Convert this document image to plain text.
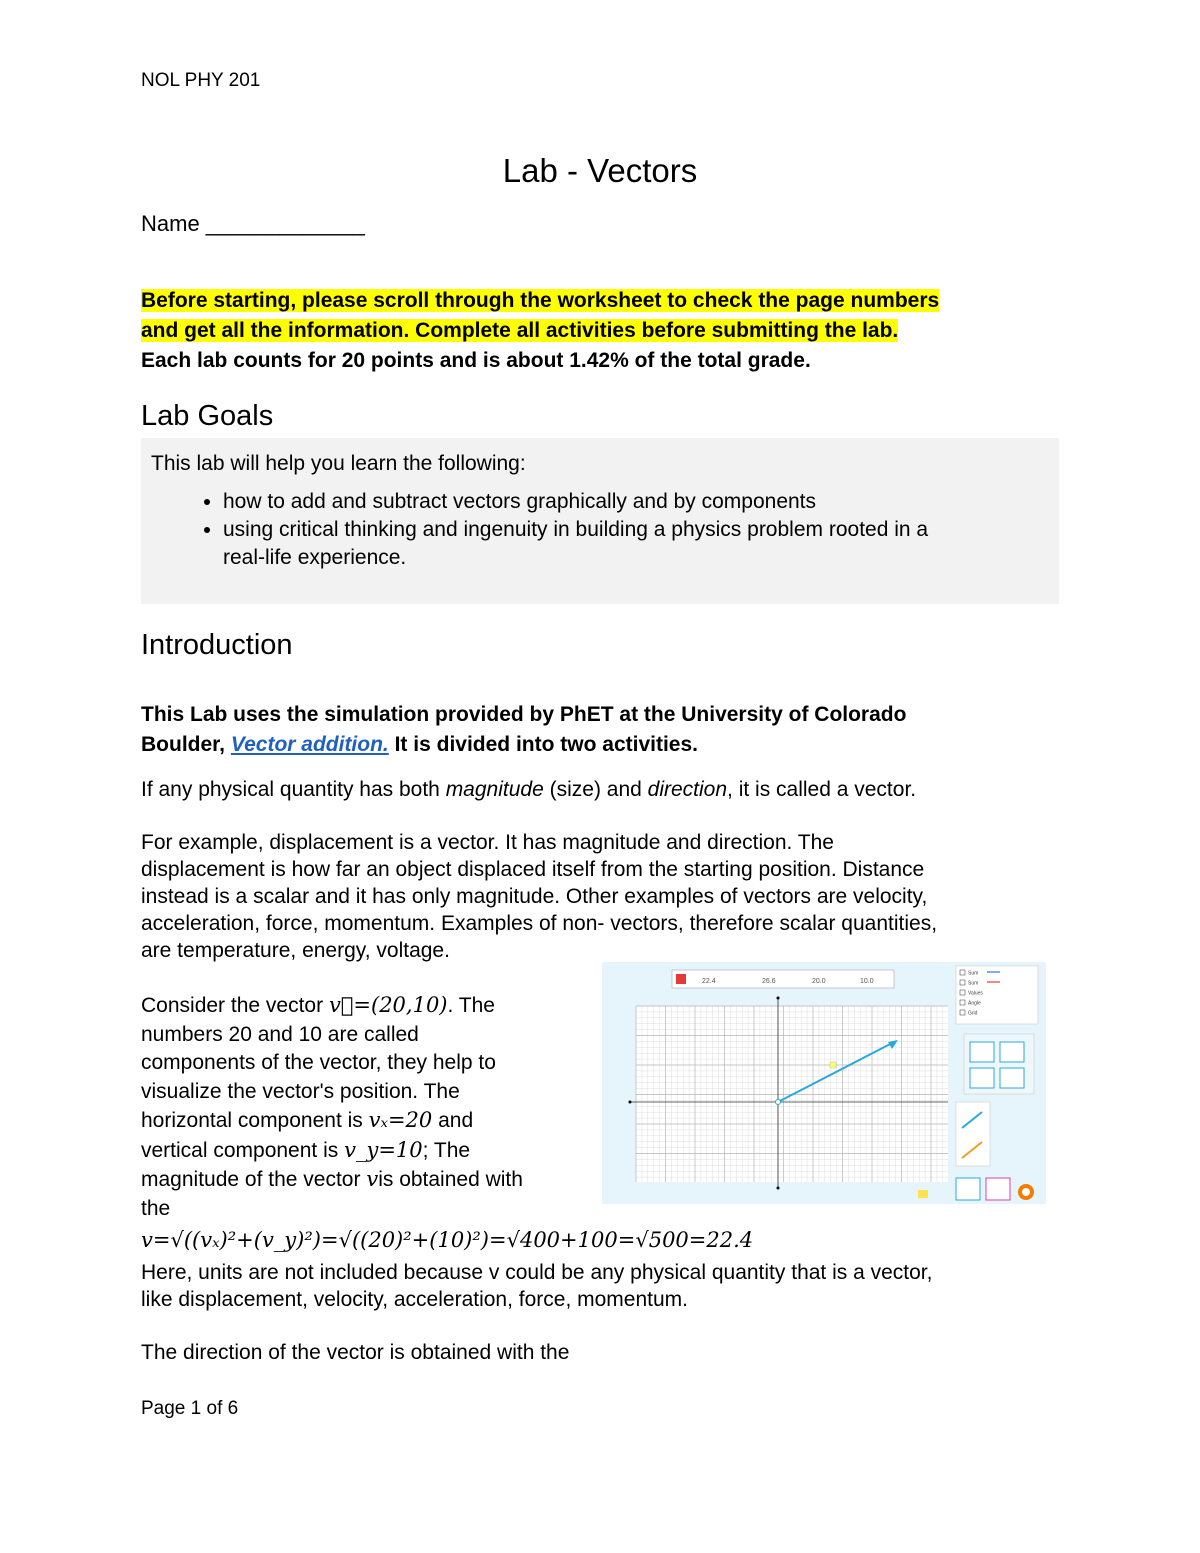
NOL PHY 201
Lab - Vectors
Name _____________
Before starting, please scroll through the worksheet to check the page numbers
and get all the information. Complete all activities before submitting the lab.
Each lab counts for 20 points and is about 1.42% of the total grade.
Lab Goals
This lab will help you learn the following:
• how to add and subtract vectors graphically and by components
• using critical thinking and ingenuity in building a physics problem rooted in a
real-life experience.
Introduction
This Lab uses the simulation provided by PhET at the University of Colorado
Boulder, Vector addition. It is divided into two activities.
If any physical quantity has both magnitude (size) and direction, it is called a vector.
For example, displacement is a vector. It has magnitude and direction. The
displacement is how far an object displaced itself from the starting position. Distance
instead is a scalar and it has only magnitude. Other examples of vectors are velocity,
acceleration, force, momentum. Examples of non- vectors, therefore scalar quantities,
are temperature, energy, voltage.
Consider the vector v⃗=(20,10). The
numbers 20 and 10 are called
components of the vector, they help to
visualize the vector's position. The
horizontal component is vₓ=20 and
vertical component is v_y=10; The
magnitude of the vector vis obtained with
the
v=√((vₓ)²+(v_y)²)=√((20)²+(10)²)=√400+100=√500=22.4
Here, units are not included because v could be any physical quantity that is a vector,
like displacement, velocity, acceleration, force, momentum.
The direction of the vector is obtained with the
22.4	26.6	20.0	10.0
Sum
Sum
Values
Angle
Grid
Page 1 of 6
